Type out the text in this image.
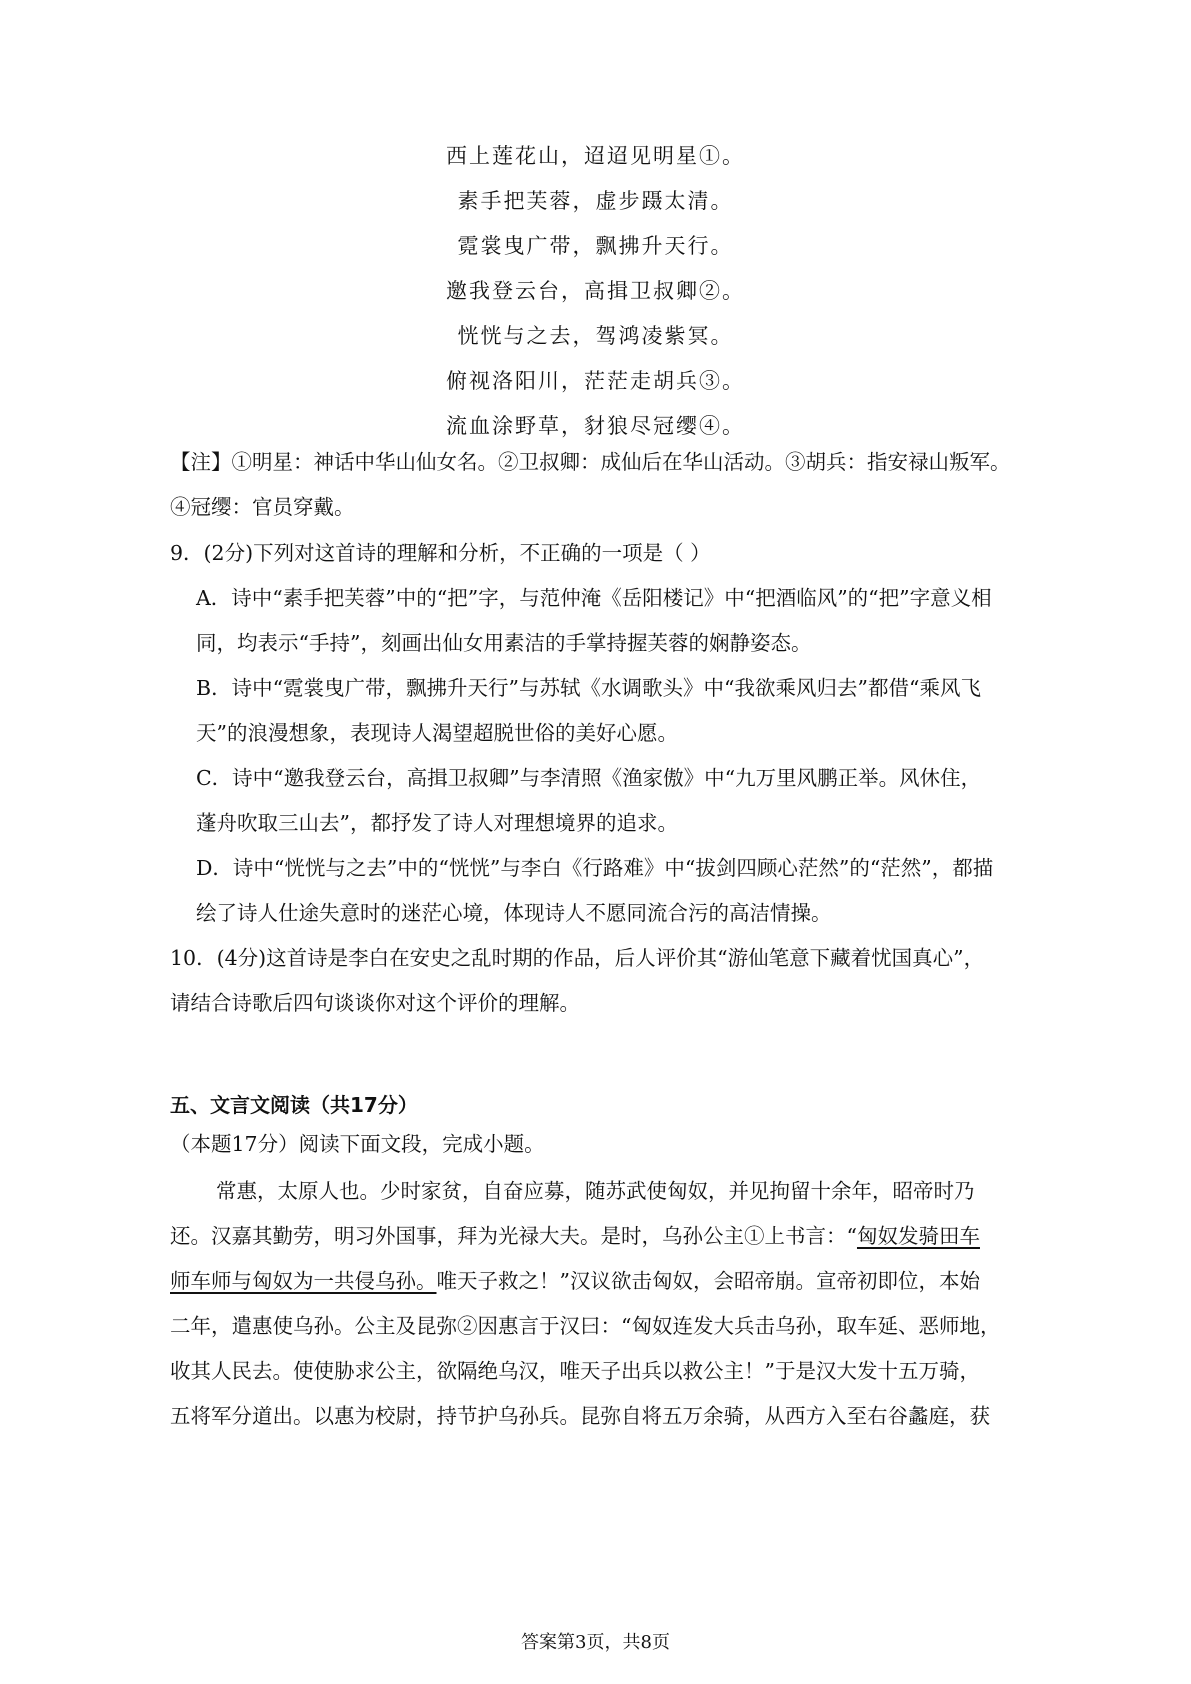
西上莲花山，迢迢见明星①。
素手把芙蓉，虚步蹑太清。
霓裳曳广带，飘拂升天行。
邀我登云台，高揖卫叔卿②。
恍恍与之去，驾鸿凌紫冥。
俯视洛阳川，茫茫走胡兵③。
流血涂野草，豺狼尽冠缨④。
【注】①明星：神话中华山仙女名。②卫叔卿：成仙后在华山活动。③胡兵：指安禄山叛军。
④冠缨：官员穿戴。
9．(2分)下列对这首诗的理解和分析，不正确的一项是（ ）
A．诗中“素手把芙蓉”中的“把”字，与范仲淹《岳阳楼记》中“把酒临风”的“把”字意义相
同，均表示“手持”，刻画出仙女用素洁的手掌持握芙蓉的娴静姿态。
B．诗中“霓裳曳广带，飘拂升天行”与苏轼《水调歌头》中“我欲乘风归去”都借“乘风飞
天”的浪漫想象，表现诗人渴望超脱世俗的美好心愿。
C．诗中“邀我登云台，高揖卫叔卿”与李清照《渔家傲》中“九万里风鹏正举。风休住，
蓬舟吹取三山去”，都抒发了诗人对理想境界的追求。
D．诗中“恍恍与之去”中的“恍恍”与李白《行路难》中“拔剑四顾心茫然”的“茫然”，都描
绘了诗人仕途失意时的迷茫心境，体现诗人不愿同流合污的高洁情操。
10．(4分)这首诗是李白在安史之乱时期的作品，后人评价其“游仙笔意下藏着忧国真心”，
请结合诗歌后四句谈谈你对这个评价的理解。
五、文言文阅读（共17分）
（本题17分）阅读下面文段，完成小题。
常惠，太原人也。少时家贫，自奋应募，随苏武使匈奴，并见拘留十余年，昭帝时乃
还。汉嘉其勤劳，明习外国事，拜为光禄大夫。是时，乌孙公主①上书言：“匈奴发骑田车
师车师与匈奴为一共侵乌孙。唯天子救之！”汉议欲击匈奴，会昭帝崩。宣帝初即位，本始
二年，遣惠使乌孙。公主及昆弥②因惠言于汉曰：“匈奴连发大兵击乌孙，取车延、恶师地，
收其人民去。使使胁求公主，欲隔绝乌汉，唯天子出兵以救公主！”于是汉大发十五万骑，
五将军分道出。以惠为校尉，持节护乌孙兵。昆弥自将五万余骑，从西方入至右谷蠡庭，获
答案第3页，共8页
